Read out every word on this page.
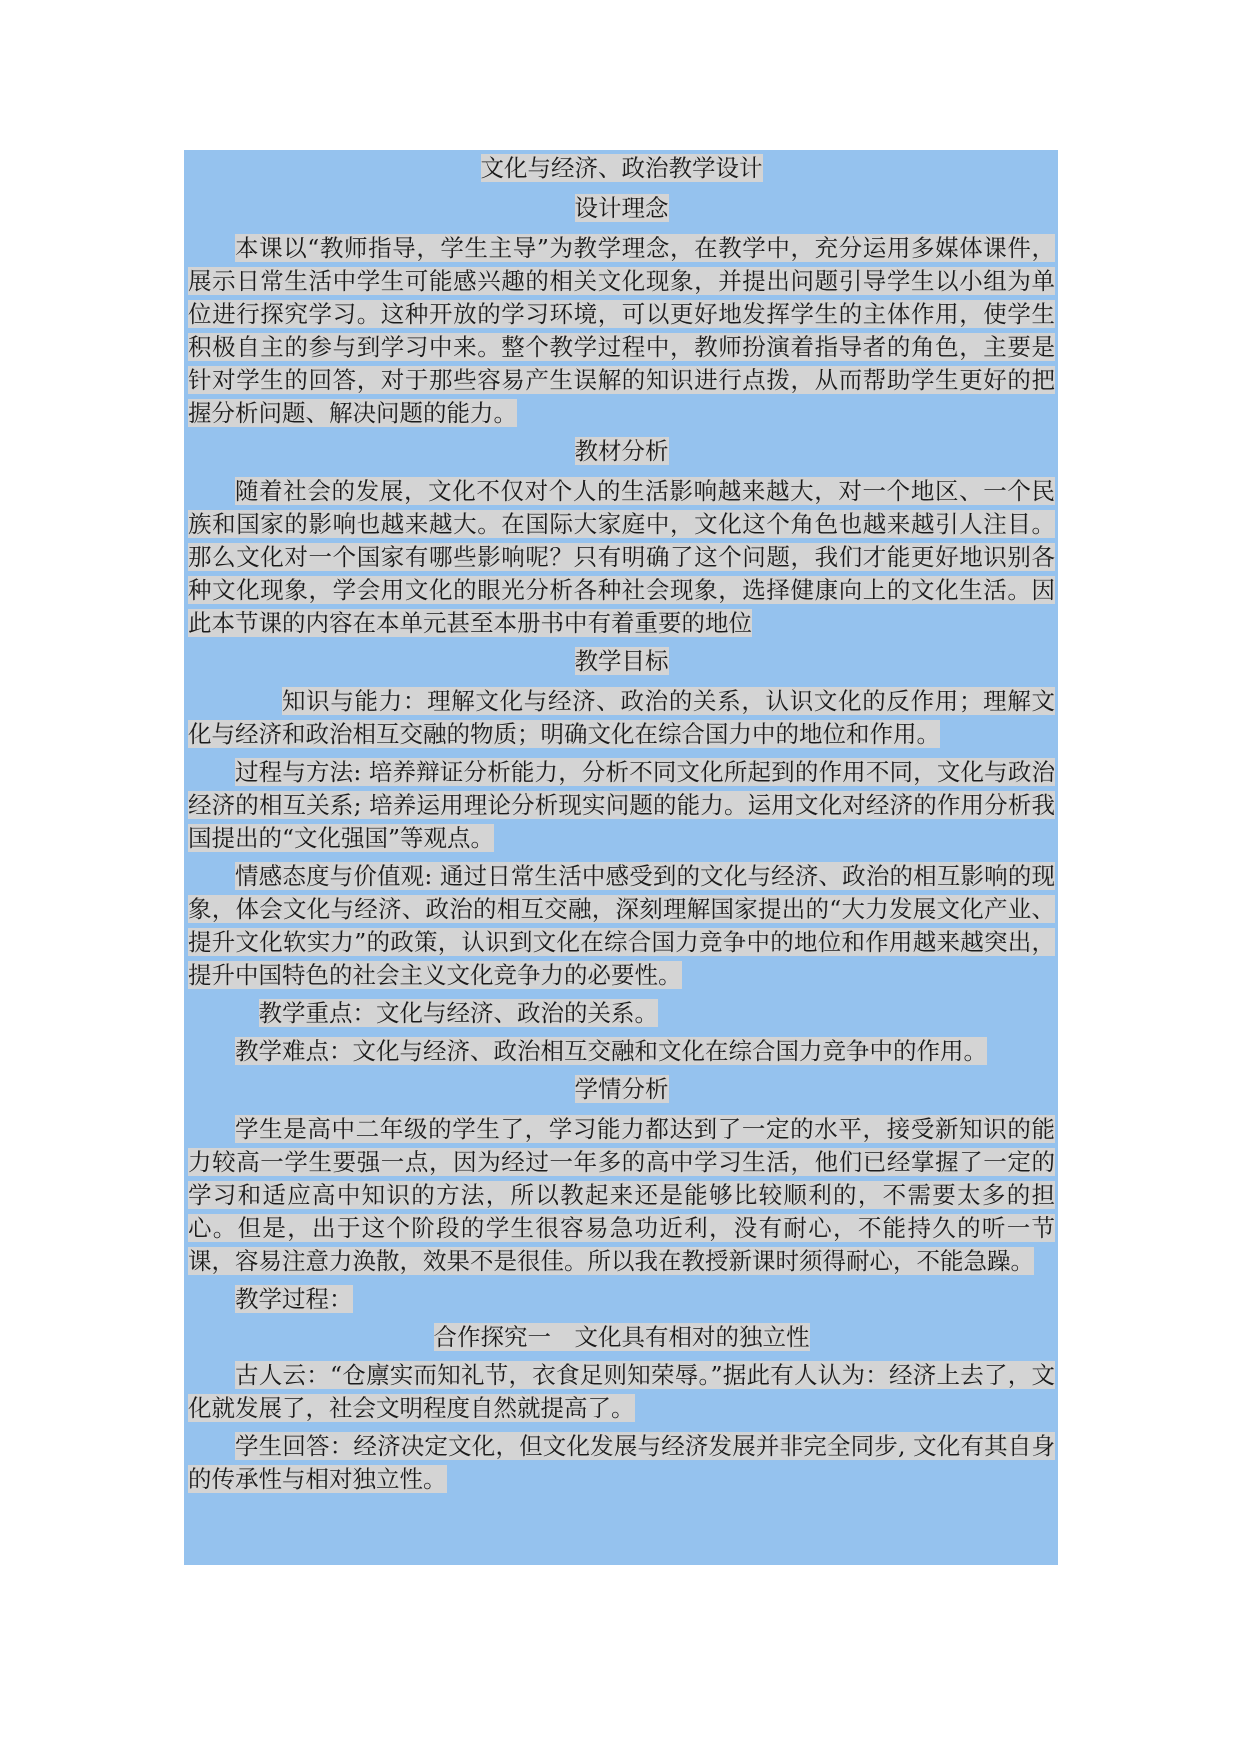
文化与经济、政治教学设计
设计理念

本课以“教师指导，学生主导”为教学理念，在教学中，充分运用多媒体课件，展示日常生活中学生可能感兴趣的相关文化现象，并提出问题引导学生以小组为单位进行探究学习。这种开放的学习环境，可以更好地发挥学生的主体作用，使学生积极自主的参与到学习中来。整个教学过程中，教师扮演着指导者的角色，主要是针对学生的回答，对于那些容易产生误解的知识进行点拨，从而帮助学生更好的把握分析问题、解决问题的能力。

教材分析

随着社会的发展，文化不仅对个人的生活影响越来越大，对一个地区、一个民族和国家的影响也越来越大。在国际大家庭中，文化这个角色也越来越引人注目。那么文化对一个国家有哪些影响呢？只有明确了这个问题，我们才能更好地识别各种文化现象，学会用文化的眼光分析各种社会现象，选择健康向上的文化生活。因此本节课的内容在本单元甚至本册书中有着重要的地位

教学目标

知识与能力：理解文化与经济、政治的关系，认识文化的反作用；理解文化与经济和政治相互交融的物质；明确文化在综合国力中的地位和作用。

过程与方法: 培养辩证分析能力，分析不同文化所起到的作用不同，文化与政治经济的相互关系; 培养运用理论分析现实问题的能力。运用文化对经济的作用分析我国提出的“文化强国”等观点。

情感态度与价值观: 通过日常生活中感受到的文化与经济、政治的相互影响的现象，体会文化与经济、政治的相互交融，深刻理解国家提出的“大力发展文化产业、提升文化软实力”的政策，认识到文化在综合国力竞争中的地位和作用越来越突出，提升中国特色的社会主义文化竞争力的必要性。

教学重点：文化与经济、政治的关系。

教学难点：文化与经济、政治相互交融和文化在综合国力竞争中的作用。

学情分析

学生是高中二年级的学生了，学习能力都达到了一定的水平，接受新知识的能力较高一学生要强一点，因为经过一年多的高中学习生活，他们已经掌握了一定的学习和适应高中知识的方法，所以教起来还是能够比较顺利的，不需要太多的担心。但是，出于这个阶段的学生很容易急功近利，没有耐心，不能持久的听一节课，容易注意力涣散，效果不是很佳。所以我在教授新课时须得耐心，不能急躁。

教学过程：

合作探究一　文化具有相对的独立性

古人云：“仓廪实而知礼节，衣食足则知荣辱。”据此有人认为：经济上去了，文化就发展了，社会文明程度自然就提高了。

学生回答：经济决定文化，但文化发展与经济发展并非完全同步, 文化有其自身的传承性与相对独立性。
